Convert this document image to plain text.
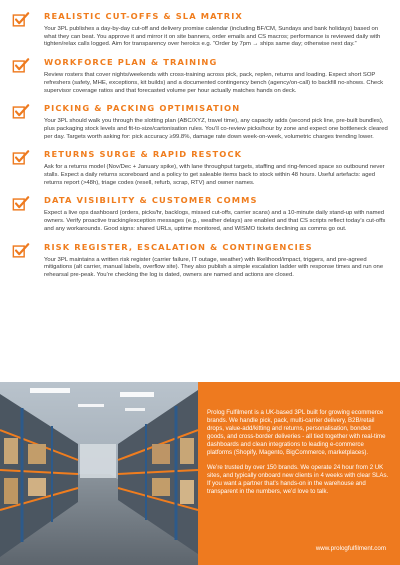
REALISTIC CUT-OFFS & SLA MATRIX
Your 3PL publishes a day-by-day cut-off and delivery promise calendar (including BF/CM, Sundays and bank holidays) based on what they can beat. You approve it and mirror it on site banners, order emails and CS macros; performance is reviewed daily with tighten/relax calls logged. Aim for transparency over heroics e.g. “Order by 7pm → ships same day; otherwise next day.”
WORKFORCE PLAN & TRAINING
Review rosters that cover nights/weekends with cross-training across pick, pack, replen, returns and loading. Expect short SOP refreshers (safety, MHE, exceptions, kit builds) and a documented contingency bench (agency/on-call) to backfill no-shows. Check supervisor coverage ratios and that forecasted volume per hour actually matches hands on deck.
PICKING & PACKING OPTIMISATION
Your 3PL should walk you through the slotting plan (ABC/XYZ, travel time), any capacity adds (second pick line, pre-built bundles), plus packaging stock levels and fit-to-size/cartonisation rules. You’ll co-review picks/hour by zone and expect one bottleneck cleared per day. Targets worth asking for: pick accuracy ≥99.8%, damage rate down week-on-week, volumetric charges trending lower.
RETURNS SURGE & RAPID RESTOCK
Ask for a returns model (Nov/Dec + January spike), with lane throughput targets, staffing and ring-fenced space so outbound never stalls. Expect a daily returns scoreboard and a policy to get saleable items back to stock within 48 hours. Useful artefacts: aged returns report (>48h), triage codes (resell, refurb, scrap, RTV) and owner names.
DATA VISIBILITY & CUSTOMER COMMS
Expect a live ops dashboard (orders, picks/hr, backlogs, missed cut-offs, carrier scans) and a 10-minute daily stand-up with named owners. Verify proactive tracking/exception messages (e.g., weather delays) are enabled and that CS scripts reflect today’s cut-offs and any workarounds. Good signs: shared URLs, uptime monitored, and WISMO tickets declining as comms go out.
RISK REGISTER, ESCALATION & CONTINGENCIES
Your 3PL maintains a written risk register (carrier failure, IT outage, weather) with likelihood/impact, triggers, and pre-agreed mitigations (alt carrier, manual labels, overflow site). They also publish a simple escalation ladder with response times and run one rehearsal pre-peak. You’re checking the log is dated, owners are named and actions are closed.

Prolog Fulfilment is a UK-based 3PL built for growing ecommerce brands. We handle pick, pack, multi-carrier delivery, B2B/retail drops, value-add/kitting and returns, personalisation, bonded goods, and cross-border deliveries - all tied together with real-time dashboards and clean integrations to leading e-commerce platforms (Shopify, Magento, BigCommerce, marketplaces).

We’re trusted by over 150 brands. We operate 24 hour from 2 UK sites, and typically onboard new clients in 4 weeks with clear SLAs. If you want a partner that’s hands-on in the warehouse and transparent in the numbers, we’d love to talk.

www.prologfulfilment.com
